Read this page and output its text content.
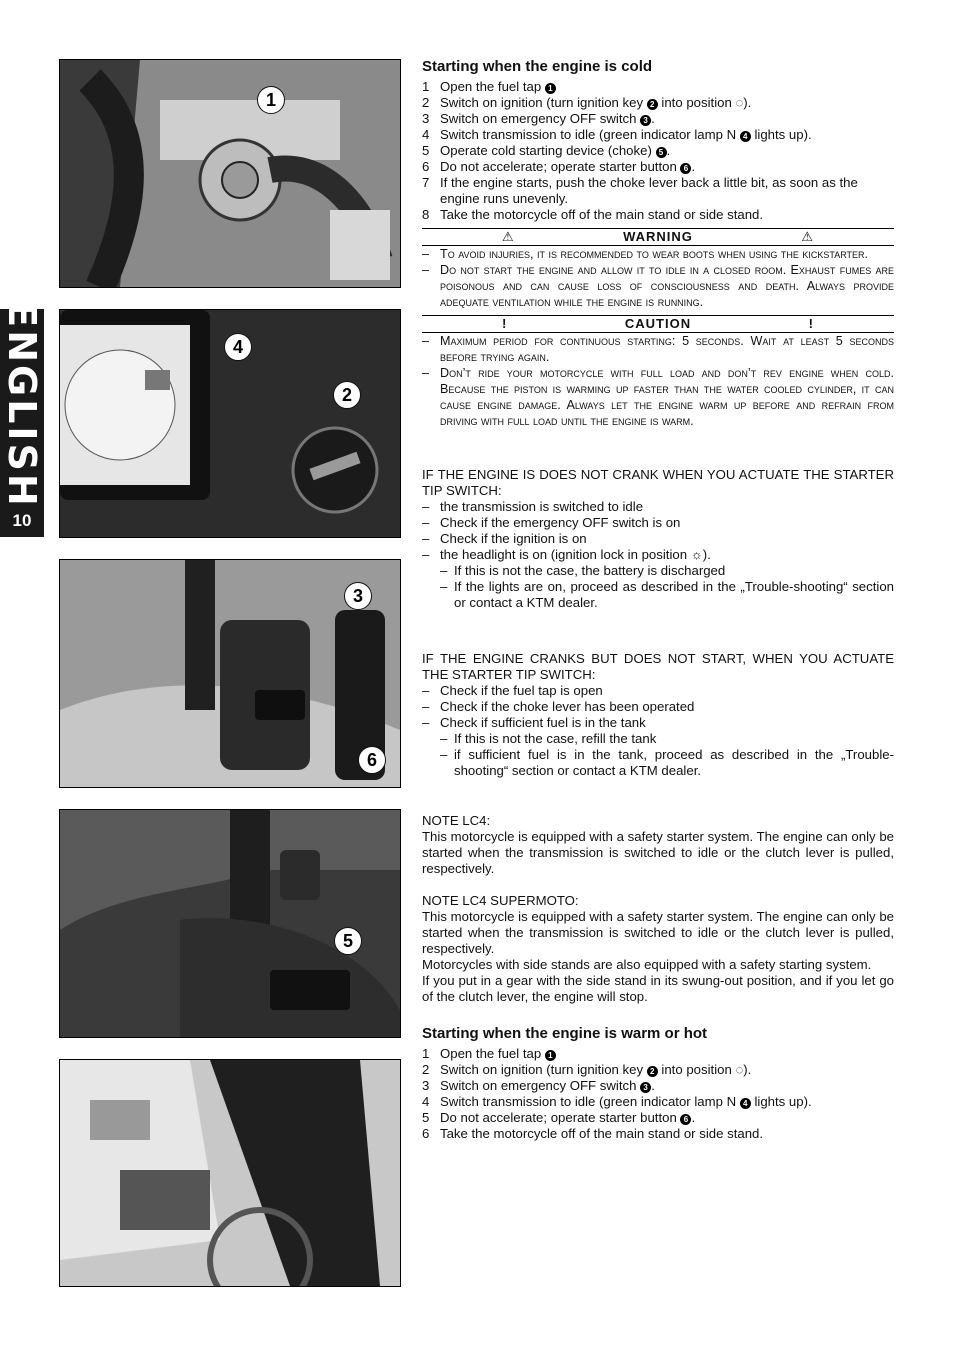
ENGLISH
10
1
4
2
3
6
5
Starting when the engine is cold
1 Open the fuel tap 1
2 Switch on ignition (turn ignition key 2 into position ◌).
3 Switch on emergency OFF switch 3 .
4 Switch transmission to idle (green indicator lamp N 4 lights up).
5 Operate cold starting device (choke) 5 .
6 Do not accelerate; operate starter button 6 .
7 If the engine starts, push the choke lever back a little bit, as soon as the engine runs unevenly.
8 Take the motorcycle off of the main stand or side stand.
⚠	WARNING	⚠
– To avoid injuries, it is recommended to wear boots when using the kickstarter.
– Do not start the engine and allow it to idle in a closed room. Exhaust fumes are poisonous and can cause loss of consciousness and death. Always provide adequate ventilation while the engine is running.
!	CAUTION	!
– Maximum period for continuous starting: 5 seconds. Wait at least 5 seconds before trying again.
– Don’t ride your motorcycle with full load and don’t rev engine when cold. Because the piston is warming up faster than the water cooled cylinder, it can cause engine damage. Always let the engine warm up before and refrain from driving with full load until the engine is warm.
IF THE ENGINE IS DOES NOT CRANK WHEN YOU ACTUATE THE STARTER TIP SWITCH:
– the transmission is switched to idle
– Check if the emergency OFF switch is on
– Check if the ignition is on
– the headlight is on (ignition lock in position ☼).
– If this is not the case, the battery is discharged
– If the lights are on, proceed as described in the „Trouble-shooting“ section or contact a KTM dealer.
IF THE ENGINE CRANKS BUT DOES NOT START, WHEN YOU ACTUATE THE STARTER TIP SWITCH:
– Check if the fuel tap is open
– Check if the choke lever has been operated
– Check if sufficient fuel is in the tank
– If this is not the case, refill the tank
– if sufficient fuel is in the tank, proceed as described in the „Trouble-shooting“ section or contact a KTM dealer.
NOTE LC4:
This motorcycle is equipped with a safety starter system. The engine can only be started when the transmission is switched to idle or the clutch lever is pulled, respectively.
NOTE LC4 SUPERMOTO:
This motorcycle is equipped with a safety starter system. The engine can only be started when the transmission is switched to idle or the clutch lever is pulled, respectively.
Motorcycles with side stands are also equipped with a safety starting system.
If you put in a gear with the side stand in its swung-out position, and if you let go of the clutch lever, the engine will stop.
Starting when the engine is warm or hot
1 Open the fuel tap 1
2 Switch on ignition (turn ignition key 2 into position ◌).
3 Switch on emergency OFF switch 3 .
4 Switch transmission to idle (green indicator lamp N 4 lights up).
5 Do not accelerate; operate starter button 6 .
6 Take the motorcycle off of the main stand or side stand.
